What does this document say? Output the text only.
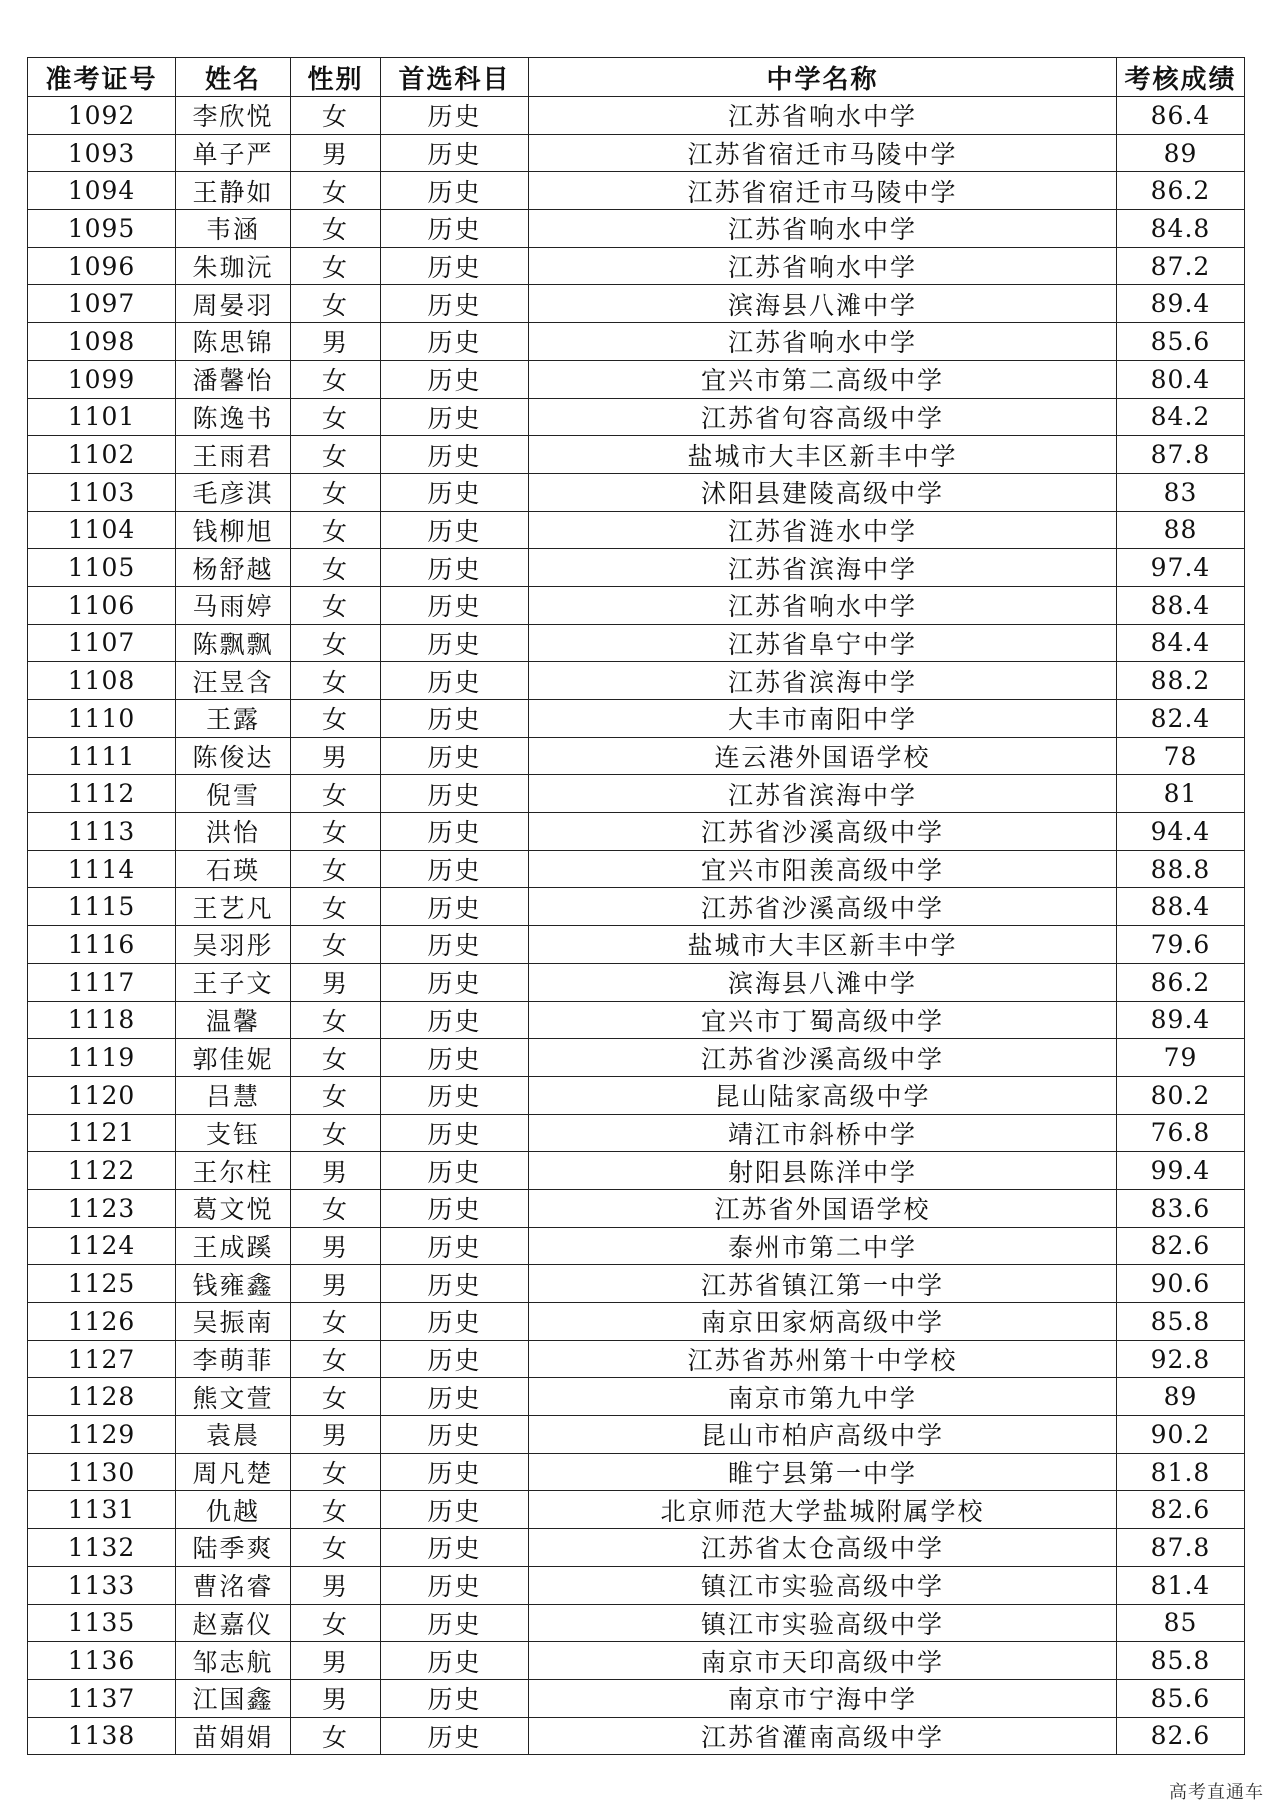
准考证号	姓名	性别	首选科目	中学名称	考核成绩
1092	李欣悦	女	历史	江苏省响水中学	86.4
1093	单子严	男	历史	江苏省宿迁市马陵中学	89
1094	王静如	女	历史	江苏省宿迁市马陵中学	86.2
1095	韦涵	女	历史	江苏省响水中学	84.8
1096	朱珈沅	女	历史	江苏省响水中学	87.2
1097	周晏羽	女	历史	滨海县八滩中学	89.4
1098	陈思锦	男	历史	江苏省响水中学	85.6
1099	潘馨怡	女	历史	宜兴市第二高级中学	80.4
1101	陈逸书	女	历史	江苏省句容高级中学	84.2
1102	王雨君	女	历史	盐城市大丰区新丰中学	87.8
1103	毛彦淇	女	历史	沭阳县建陵高级中学	83
1104	钱柳旭	女	历史	江苏省涟水中学	88
1105	杨舒越	女	历史	江苏省滨海中学	97.4
1106	马雨婷	女	历史	江苏省响水中学	88.4
1107	陈飘飘	女	历史	江苏省阜宁中学	84.4
1108	汪昱含	女	历史	江苏省滨海中学	88.2
1110	王露	女	历史	大丰市南阳中学	82.4
1111	陈俊达	男	历史	连云港外国语学校	78
1112	倪雪	女	历史	江苏省滨海中学	81
1113	洪怡	女	历史	江苏省沙溪高级中学	94.4
1114	石瑛	女	历史	宜兴市阳羡高级中学	88.8
1115	王艺凡	女	历史	江苏省沙溪高级中学	88.4
1116	吴羽彤	女	历史	盐城市大丰区新丰中学	79.6
1117	王子文	男	历史	滨海县八滩中学	86.2
1118	温馨	女	历史	宜兴市丁蜀高级中学	89.4
1119	郭佳妮	女	历史	江苏省沙溪高级中学	79
1120	吕慧	女	历史	昆山陆家高级中学	80.2
1121	支钰	女	历史	靖江市斜桥中学	76.8
1122	王尔柱	男	历史	射阳县陈洋中学	99.4
1123	葛文悦	女	历史	江苏省外国语学校	83.6
1124	王成蹊	男	历史	泰州市第二中学	82.6
1125	钱雍鑫	男	历史	江苏省镇江第一中学	90.6
1126	吴振南	女	历史	南京田家炳高级中学	85.8
1127	李萌菲	女	历史	江苏省苏州第十中学校	92.8
1128	熊文萱	女	历史	南京市第九中学	89
1129	袁晨	男	历史	昆山市柏庐高级中学	90.2
1130	周凡楚	女	历史	睢宁县第一中学	81.8
1131	仇越	女	历史	北京师范大学盐城附属学校	82.6
1132	陆季爽	女	历史	江苏省太仓高级中学	87.8
1133	曹洺睿	男	历史	镇江市实验高级中学	81.4
1135	赵嘉仪	女	历史	镇江市实验高级中学	85
1136	邹志航	男	历史	南京市天印高级中学	85.8
1137	江国鑫	男	历史	南京市宁海中学	85.6
1138	苗娟娟	女	历史	江苏省灌南高级中学	82.6
高考直通车
